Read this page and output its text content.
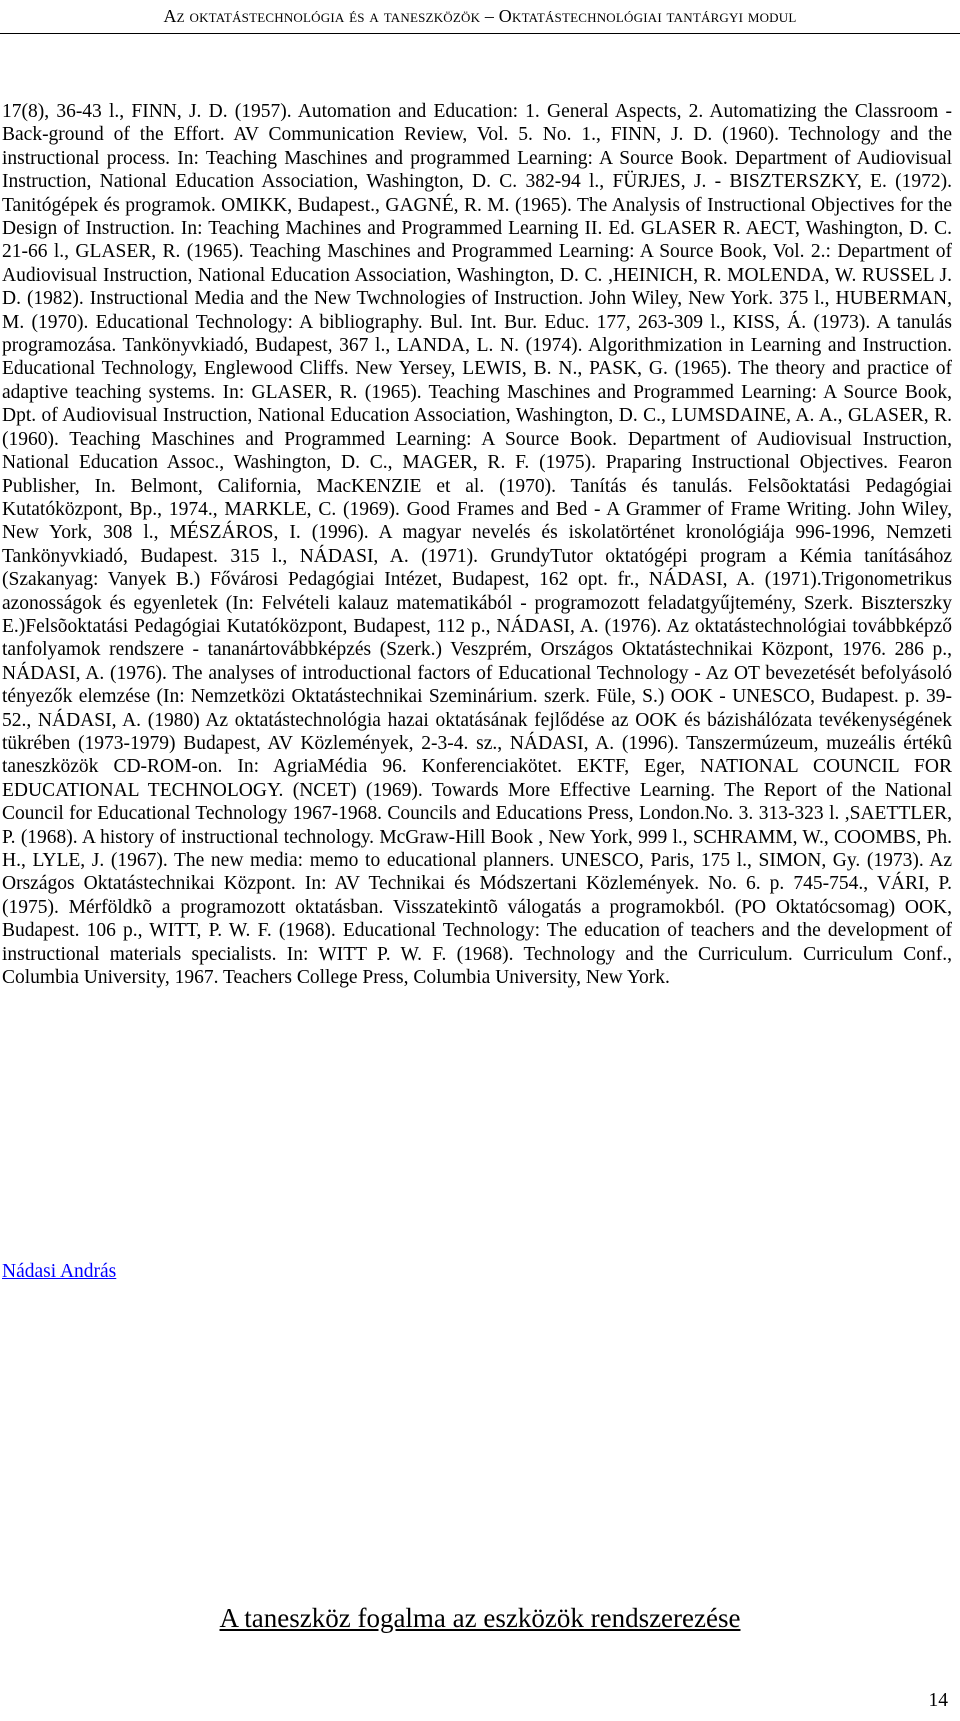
Az oktatástechnológia és a taneszközök – Oktatástechnológiai tantárgyi modul

17(8), 36-43 l., FINN, J. D. (1957). Automation and Education: 1. General Aspects, 2. Automatizing the Classroom - Back-ground of the Effort. AV Communication Review, Vol. 5. No. 1., FINN, J. D. (1960). Technology and the instructional process. In: Teaching Maschines and programmed Learning: A Source Book. Department of Audiovisual Instruction, National Education Association, Washington, D. C. 382-94 l., FÜRJES, J. - BISZTERSZKY, E. (1972). Tanitógépek és programok. OMIKK, Budapest., GAGNÉ, R. M. (1965). The Analysis of Instructional Objectives for the Design of Instruction. In: Teaching Machines and Programmed Learning II. Ed. GLASER R. AECT, Washington, D. C. 21-66 l., GLASER, R. (1965). Teaching Maschines and Programmed Learning: A Source Book, Vol. 2.: Department of Audiovisual Instruction, National Education Association, Washington, D. C. ,HEINICH, R. MOLENDA, W. RUSSEL J. D. (1982). Instructional Media and the New Twchnologies of Instruction. John Wiley, New York. 375 l., HUBERMAN, M. (1970). Educational Technology: A bibliography. Bul. Int. Bur. Educ. 177, 263-309 l., KISS, Á. (1973). A tanulás programozása. Tankönyvkiadó, Budapest, 367 l., LANDA, L. N. (1974). Algorithmization in Learning and Instruction. Educational Technology, Englewood Cliffs. New Yersey, LEWIS, B. N., PASK, G. (1965). The theory and practice of adaptive teaching systems. In: GLASER, R. (1965). Teaching Maschines and Programmed Learning: A Source Book, Dpt. of Audiovisual Instruction, National Education Association, Washington, D. C., LUMSDAINE, A. A., GLASER, R. (1960). Teaching Maschines and Programmed Learning: A Source Book. Department of Audiovisual Instruction, National Education Assoc., Washington, D. C., MAGER, R. F. (1975). Praparing Instructional Objectives. Fearon Publisher, In. Belmont, California, MacKENZIE et al. (1970). Tanítás és tanulás. Felsõoktatási Pedagógiai Kutatóközpont, Bp., 1974., MARKLE, C. (1969). Good Frames and Bed - A Grammer of Frame Writing. John Wiley, New York, 308 l., MÉSZÁROS, I. (1996). A magyar nevelés és iskolatörténet kronológiája 996-1996, Nemzeti Tankönyvkiadó, Budapest. 315 l., NÁDASI, A. (1971). GrundyTutor oktatógépi program a Kémia tanításához (Szakanyag: Vanyek B.) Fővárosi Pedagógiai Intézet, Budapest, 162 opt. fr., NÁDASI, A. (1971).Trigonometrikus azonosságok és egyenletek (In: Felvételi kalauz matematikából - programozott feladatgyűjtemény, Szerk. Biszterszky E.)Felsõoktatási Pedagógiai Kutatóközpont, Budapest, 112 p., NÁDASI, A. (1976). Az oktatástechnológiai továbbképző tanfolyamok rendszere - tananártovábbképzés (Szerk.) Veszprém, Országos Oktatástechnikai Központ, 1976. 286 p., NÁDASI, A. (1976). The analyses of introductional factors of Educational Technology - Az OT bevezetését befolyásoló tényezők elemzése (In: Nemzetközi Oktatástechnikai Szeminárium. szerk. Füle, S.) OOK - UNESCO, Budapest. p. 39-52., NÁDASI, A. (1980) Az oktatástechnológia hazai oktatásának fejlődése az OOK és bázishálózata tevékenységének tükrében (1973-1979) Budapest, AV Közlemények, 2-3-4. sz., NÁDASI, A. (1996). Tanszermúzeum, muzeális értékû taneszközök CD-ROM-on. In: AgriaMédia 96. Konferenciakötet. EKTF, Eger, NATIONAL COUNCIL FOR EDUCATIONAL TECHNOLOGY. (NCET) (1969). Towards More Effective Learning. The Report of the National Council for Educational Technology 1967-1968. Councils and Educations Press, London.No. 3. 313-323 l. ,SAETTLER, P. (1968). A history of instructional technology. McGraw-Hill Book , New York, 999 l., SCHRAMM, W., COOMBS, Ph. H., LYLE, J. (1967). The new media: memo to educational planners. UNESCO, Paris, 175 l., SIMON, Gy. (1973). Az Országos Oktatástechnikai Központ. In: AV Technikai és Módszertani Közlemények. No. 6. p. 745-754., VÁRI, P. (1975). Mérföldkõ a programozott oktatásban. Visszatekintõ válogatás a programokból. (PO Oktatócsomag) OOK, Budapest. 106 p., WITT, P. W. F. (1968). Educational Technology: The education of teachers and the development of instructional materials specialists. In: WITT P. W. F. (1968). Technology and the Curriculum. Curriculum Conf., Columbia University, 1967. Teachers College Press, Columbia University, New York.

Nádasi András
A taneszköz fogalma az eszközök rendszerezése
14
